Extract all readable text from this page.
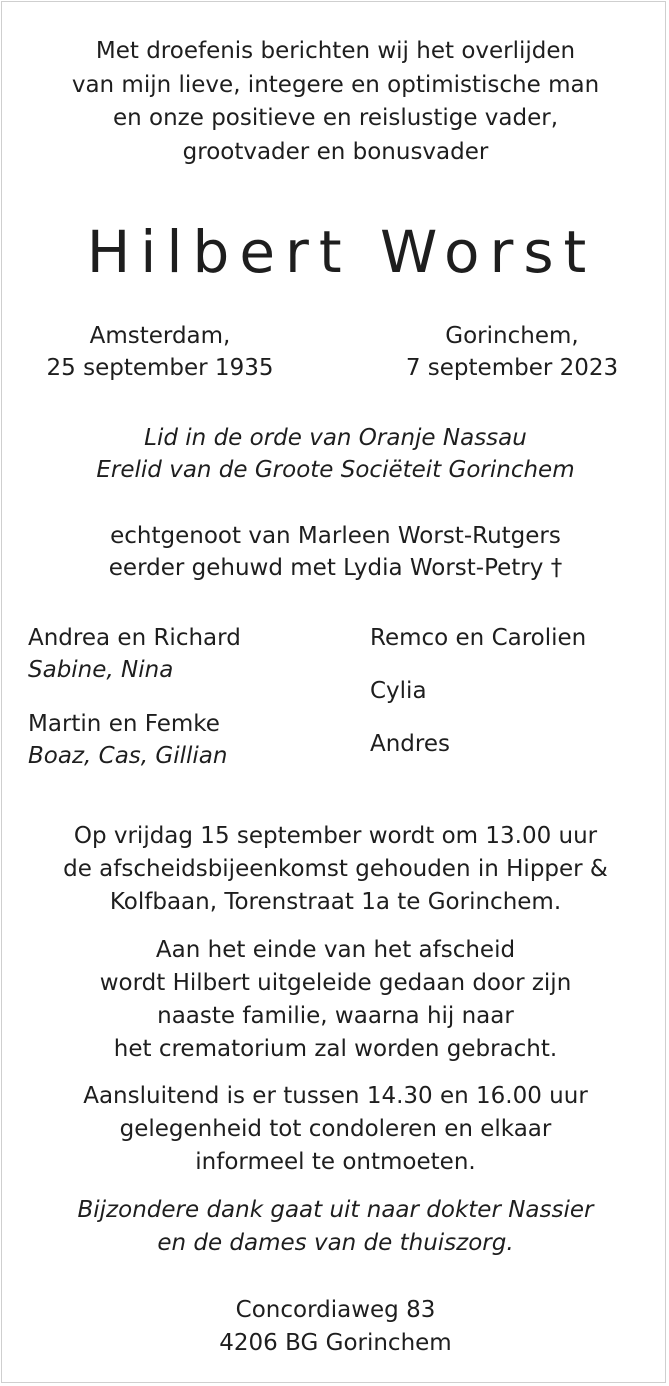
Met droefenis berichten wij het overlijden
van mijn lieve, integere en optimistische man
en onze positieve en reislustige vader,
grootvader en bonusvader
Hilbert Worst
Amsterdam,
25 september 1935
Gorinchem,
7 september 2023
Lid in de orde van Oranje Nassau
Erelid van de Groote Sociëteit Gorinchem
echtgenoot van Marleen Worst-Rutgers
eerder gehuwd met Lydia Worst-Petry †
Andrea en Richard
Sabine, Nina
Martin en Femke
Boaz, Cas, Gillian
Remco en Carolien
Cylia
Andres
Op vrijdag 15 september wordt om 13.00 uur
de afscheidsbijeenkomst gehouden in Hipper &
Kolfbaan, Torenstraat 1a te Gorinchem.
Aan het einde van het afscheid
wordt Hilbert uitgeleide gedaan door zijn
naaste familie, waarna hij naar
het crematorium zal worden gebracht.
Aansluitend is er tussen 14.30 en 16.00 uur
gelegenheid tot condoleren en elkaar
informeel te ontmoeten.
Bijzondere dank gaat uit naar dokter Nassier
en de dames van de thuiszorg.
Concordiaweg 83
4206 BG Gorinchem
